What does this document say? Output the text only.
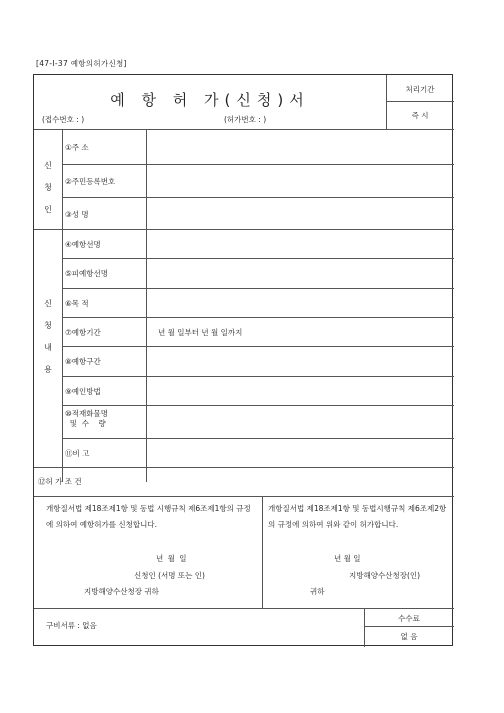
[47-Ⅰ-37 예항의허가신청]
예 항 허 가(신청)서
(접수번호 : )	(허가번호 : )
처리기간
즉 시
신
청
인
①주 소
②주민등록번호
③성 명
신
청
내
용
④예항선명
⑤피예항선명
⑥목 적
⑦예항기간	년 월 일부터 년 월 일까지
⑧예항구간
⑨예인방법
⑩적재화물명
및  수    량
⑪비 고
⑫허 가 조 건
개항질서법 제18조제1항 및 동법 시행규칙 제6조제1항의 규정에 의하여 예항허가를 신청합니다.
년 월 일
신청인 (서명 또는 인)
지방해양수산청장 귀하
개항질서법 제18조제1항 및 동법시행규칙 제6조제2항의 규정에 의하여 위와 같이 허가합니다.
년 월 일
지방해양수산청장(인)
귀하
구비서류 : 없음
수수료
없 음
